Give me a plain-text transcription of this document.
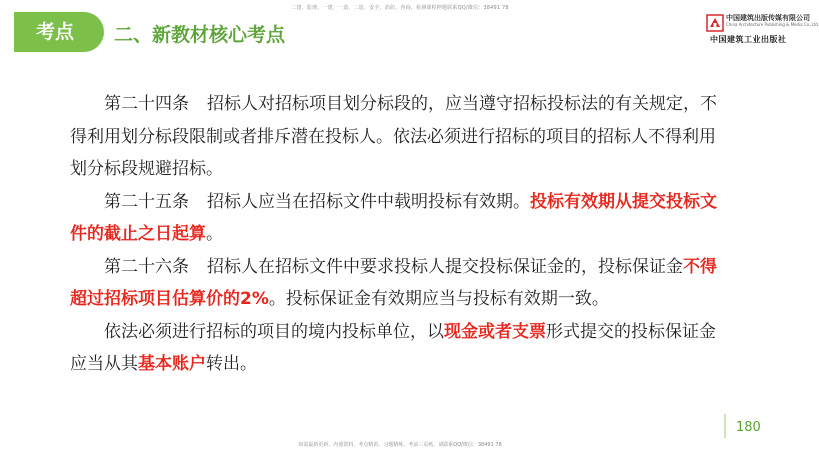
二建、监理、一建、一造、二造、安全、消防、咨询、检测课程押题联系QQ/微信：38491 78
考点	二、新教材核心考点
中国建筑出版传媒有限公司
China Architecture Publishing & Media Co.,Ltd.
中国建筑工业出版社

第二十四条 招标人对招标项目划分标段的，应当遵守招标投标法的有关规定，不得利用划分标段限制或者排斥潜在投标人。依法必须进行招标的项目的招标人不得利用划分标段规避招标。

第二十五条 招标人应当在招标文件中载明投标有效期。投标有效期从提交投标文件的截止之日起算。

第二十六条 招标人在招标文件中要求投标人提交投标保证金的，投标保证金不得超过招标项目估算价的2%。投标保证金有效期应当与投标有效期一致。

依法必须进行招标的项目的境内投标单位，以现金或者支票形式提交的投标保证金应当从其基本账户转出。

180
如需最新更新、内部资料、考点精讲、习题精练，考前三页纸，请联系QQ/微信：38491 78
